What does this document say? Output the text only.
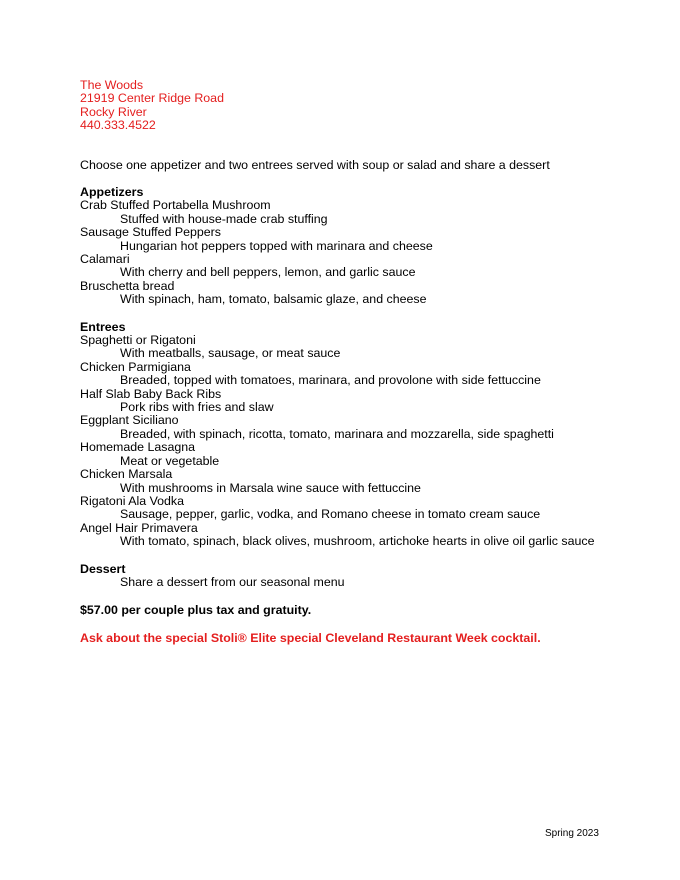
The Woods
21919 Center Ridge Road
Rocky River
440.333.4522
Choose one appetizer and two entrees served with soup or salad and share a dessert
Appetizers
Crab Stuffed Portabella Mushroom
Stuffed with house-made crab stuffing
Sausage Stuffed Peppers
Hungarian hot peppers topped with marinara and cheese
Calamari
With cherry and bell peppers, lemon, and garlic sauce
Bruschetta bread
With spinach, ham, tomato, balsamic glaze, and cheese
Entrees
Spaghetti or Rigatoni
With meatballs, sausage, or meat sauce
Chicken Parmigiana
Breaded, topped with tomatoes, marinara, and provolone with side fettuccine
Half Slab Baby Back Ribs
Pork ribs with fries and slaw
Eggplant Siciliano
Breaded, with spinach, ricotta, tomato, marinara and mozzarella, side spaghetti
Homemade Lasagna
Meat or vegetable
Chicken Marsala
With mushrooms in Marsala wine sauce with fettuccine
Rigatoni Ala Vodka
Sausage, pepper, garlic, vodka, and Romano cheese in tomato cream sauce
Angel Hair Primavera
With tomato, spinach, black olives, mushroom, artichoke hearts in olive oil garlic sauce
Dessert
Share a dessert from our seasonal menu
$57.00 per couple plus tax and gratuity.
Ask about the special Stoli® Elite special Cleveland Restaurant Week cocktail.
Spring 2023
